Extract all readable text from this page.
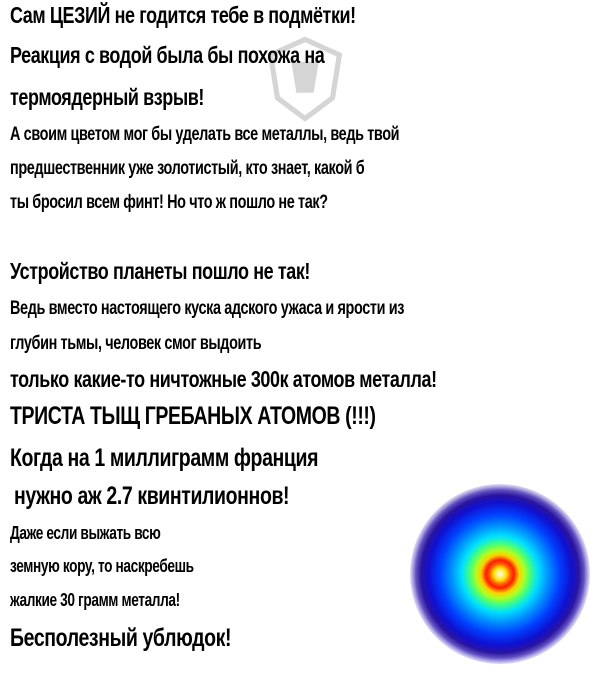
Сам ЦЕЗИЙ не годится тебе в подмётки!

Реакция с водой была бы похожа на

термоядерный взрыв!

А своим цветом мог бы уделать все металлы, ведь твой

предшественник уже золотистый, кто знает, какой б

ты бросил всем финт! Но что ж пошло не так?

Устройство планеты пошло не так!

Ведь вместо настоящего куска адского ужаса и ярости из

глубин тьмы, человек смог выдоить

только какие-то ничтожные 300к атомов металла!

ТРИСТА ТЫЩ ГРЕБАНЫХ АТОМОВ (!!!)

Когда на 1 миллиграмм франция

нужно аж 2.7 квинтилионнов!

Даже если выжать всю

земную кору, то наскребешь

жалкие 30 грамм металла!

Бесполезный ублюдок!
